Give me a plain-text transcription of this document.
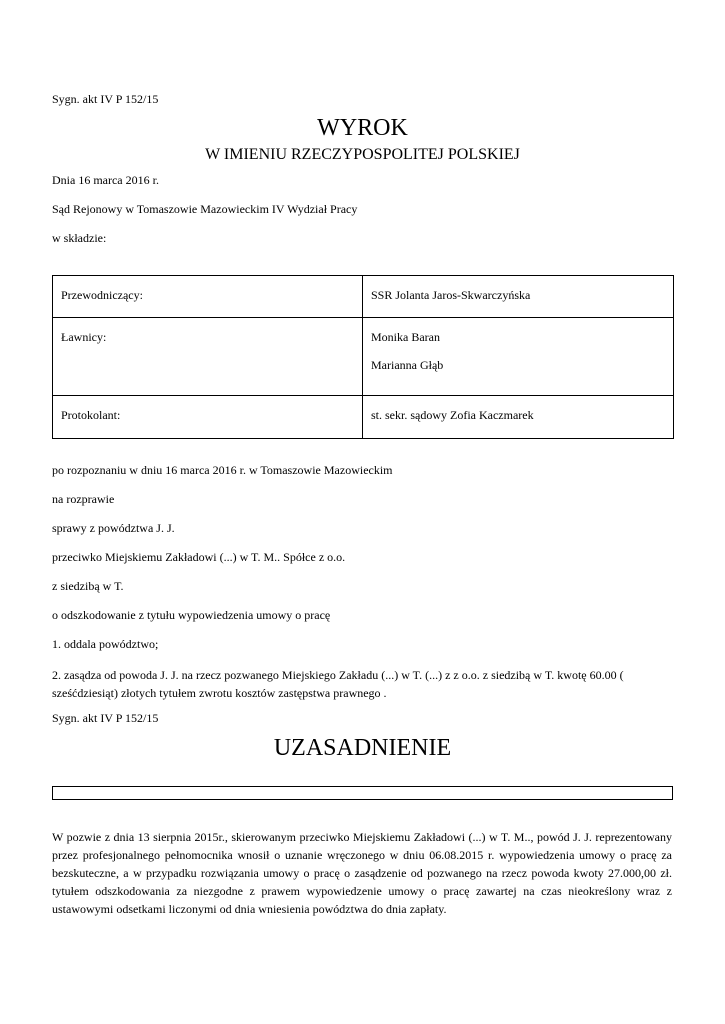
Sygn. akt IV P 152/15
WYROK
W IMIENIU RZECZYPOSPOLITEJ POLSKIEJ
Dnia 16 marca 2016 r.
Sąd Rejonowy w Tomaszowie Mazowieckim IV Wydział Pracy
w składzie:
Przewodniczący:	SSR Jolanta Jaros-Skwarczyńska

Ławnicy:	Monika Baran
Marianna Głąb

Protokolant:	st. sekr. sądowy Zofia Kaczmarek
po rozpoznaniu w dniu 16 marca 2016 r. w Tomaszowie Mazowieckim
na rozprawie
sprawy z powództwa J. J.
przeciwko Miejskiemu Zakładowi (...) w T. M.. Spółce z o.o.
z siedzibą w T.
o odszkodowanie z tytułu wypowiedzenia umowy o pracę
1. oddala powództwo;
2. zasądza od powoda J. J. na rzecz pozwanego Miejskiego Zakładu (...) w T. (...) z z o.o. z siedzibą w T. kwotę 60.00 ( sześćdziesiąt) złotych tytułem zwrotu kosztów zastępstwa prawnego .
Sygn. akt IV P 152/15
UZASADNIENIE
W pozwie z dnia 13 sierpnia 2015r., skierowanym przeciwko Miejskiemu Zakładowi (...) w T. M.., powód J. J. reprezentowany przez profesjonalnego pełnomocnika wnosił o uznanie wręczonego w dniu 06.08.2015 r. wypowiedzenia umowy o pracę za bezskuteczne, a w przypadku rozwiązania umowy o pracę o zasądzenie od pozwanego na rzecz powoda kwoty 27.000,00 zł. tytułem odszkodowania za niezgodne z prawem wypowiedzenie umowy o pracę zawartej na czas nieokreślony wraz z ustawowymi odsetkami liczonymi od dnia wniesienia powództwa do dnia zapłaty.
